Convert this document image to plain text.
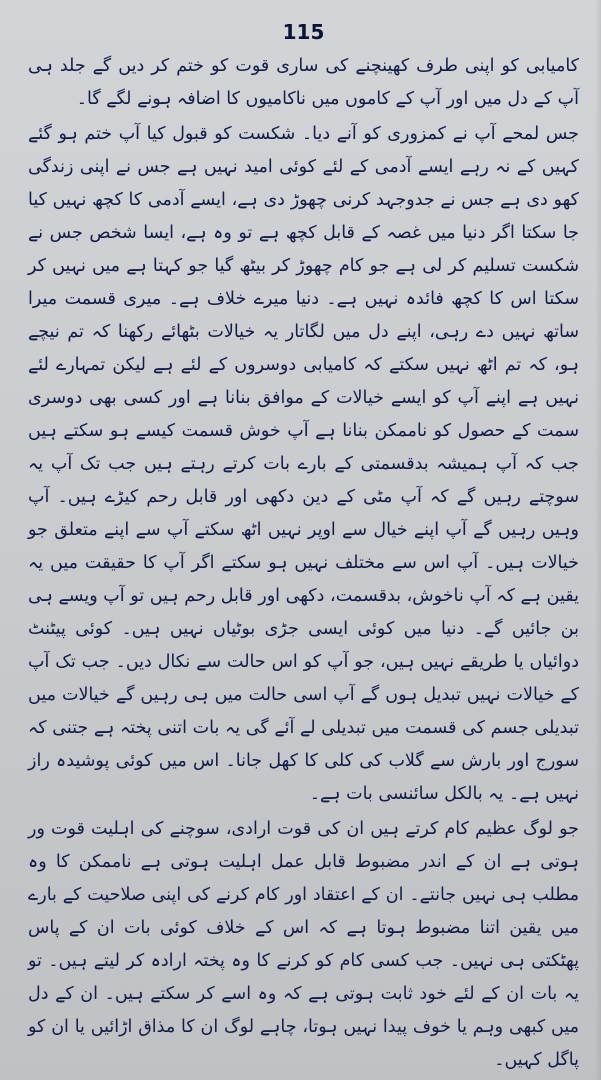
115

کامیابی کو اپنی طرف کھینچنے کی ساری قوت کو ختم کر دیں گے جلد ہی آپ کے دل میں اور آپ کے کاموں میں ناکامیوں کا اضافہ ہونے لگے گا۔

جس لمحے آپ نے کمزوری کو آنے دیا۔ شکست کو قبول کیا آپ ختم ہو گئے کہیں کے نہ رہے ایسے آدمی کے لئے کوئی امید نہیں ہے جس نے اپنی زندگی کھو دی ہے جس نے جدوجہد کرنی چھوڑ دی ہے، ایسے آدمی کا کچھ نہیں کیا جا سکتا اگر دنیا میں غصہ کے قابل کچھ ہے تو وہ ہے، ایسا شخص جس نے شکست تسلیم کر لی ہے جو کام چھوڑ کر بیٹھ گیا جو کہتا ہے میں نہیں کر سکتا اس کا کچھ فائدہ نہیں ہے۔ دنیا میرے خلاف ہے۔ میری قسمت میرا ساتھ نہیں دے رہی، اپنے دل میں لگاتار یہ خیالات بٹھائے رکھنا کہ تم نیچے ہو، کہ تم اٹھ نہیں سکتے کہ کامیابی دوسروں کے لئے ہے لیکن تمہارے لئے نہیں ہے اپنے آپ کو ایسے خیالات کے موافق بنانا ہے اور کسی بھی دوسری سمت کے حصول کو ناممکن بنانا ہے آپ خوش قسمت کیسے ہو سکتے ہیں جب کہ آپ ہمیشہ بدقسمتی کے بارے بات کرتے رہتے ہیں جب تک آپ یہ سوچتے رہیں گے کہ آپ مٹی کے دین دکھی اور قابل رحم کیڑے ہیں۔ آپ وہیں رہیں گے آپ اپنے خیال سے اوپر نہیں اٹھ سکتے آپ سے اپنے متعلق جو خیالات ہیں۔ آپ اس سے مختلف نہیں ہو سکتے اگر آپ کا حقیقت میں یہ یقین ہے کہ آپ ناخوش، بدقسمت، دکھی اور قابل رحم ہیں تو آپ ویسے ہی بن جائیں گے۔ دنیا میں کوئی ایسی جڑی بوٹیاں نہیں ہیں۔ کوئی پیٹنٹ دوائیاں یا طریقے نہیں ہیں، جو آپ کو اس حالت سے نکال دیں۔ جب تک آپ کے خیالات نہیں تبدیل ہوں گے آپ اسی حالت میں ہی رہیں گے خیالات میں تبدیلی جسم کی قسمت میں تبدیلی لے آئے گی یہ بات اتنی پختہ ہے جتنی کہ سورج اور بارش سے گلاب کی کلی کا کھل جانا۔ اس میں کوئی پوشیدہ راز نہیں ہے۔ یہ بالکل سائنسی بات ہے۔

جو لوگ عظیم کام کرتے ہیں ان کی قوت ارادی، سوچنے کی اہلیت قوت ور ہوتی ہے ان کے اندر مضبوط قابل عمل اہلیت ہوتی ہے ناممکن کا وہ مطلب ہی نہیں جانتے۔ ان کے اعتقاد اور کام کرنے کی اپنی صلاحیت کے بارے میں یقین اتنا مضبوط ہوتا ہے کہ اس کے خلاف کوئی بات ان کے پاس پھٹکتی ہی نہیں۔ جب کسی کام کو کرنے کا وہ پختہ ارادہ کر لیتے ہیں۔ تو یہ بات ان کے لئے خود ثابت ہوتی ہے کہ وہ اسے کر سکتے ہیں۔ ان کے دل میں کبھی وہم یا خوف پیدا نہیں ہوتا، چاہے لوگ ان کا مذاق اڑائیں یا ان کو پاگل کہیں۔
